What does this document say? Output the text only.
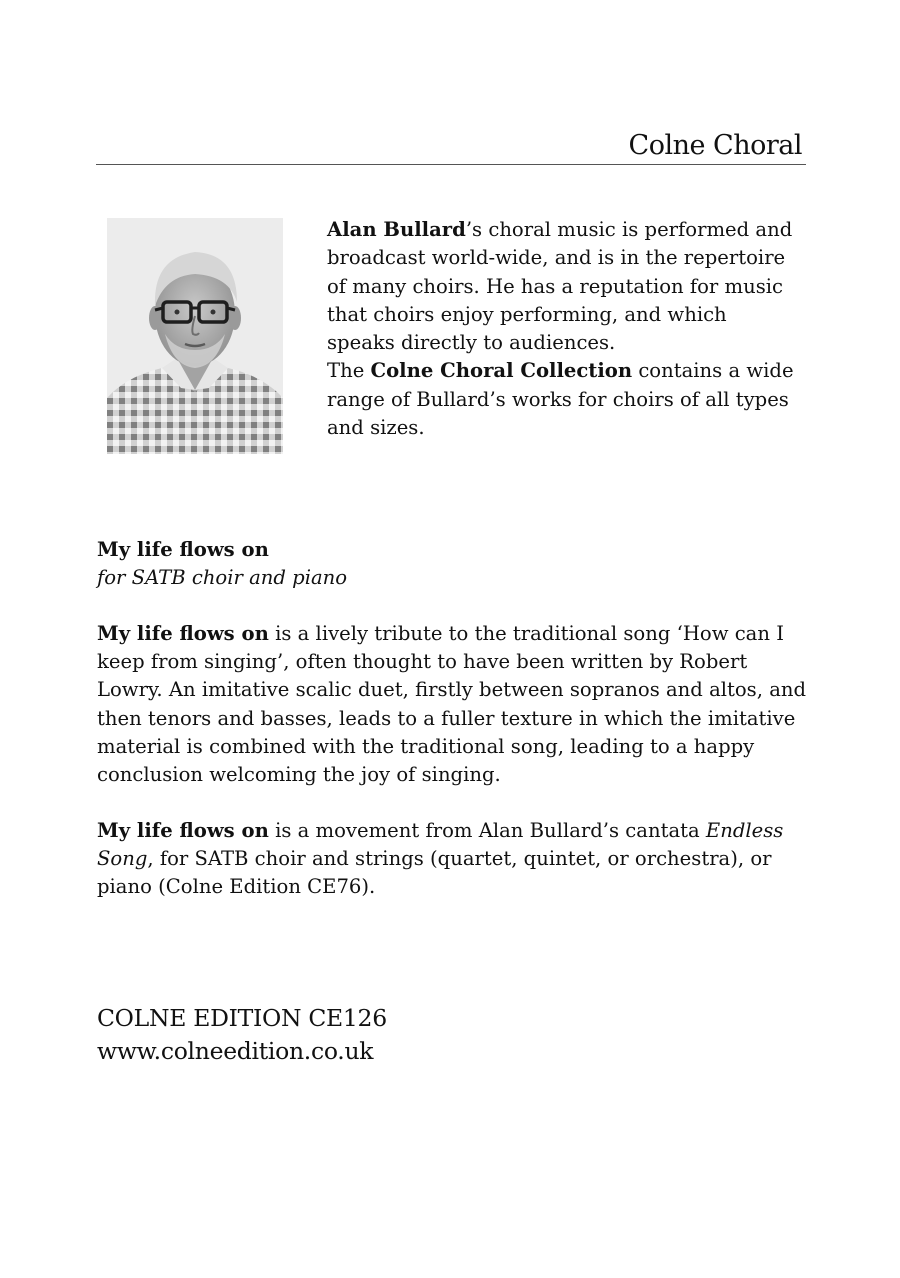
Colne Choral
Alan Bullard’s choral music is performed and broadcast world-wide, and is in the repertoire of many choirs. He has a reputation for music that choirs enjoy performing, and which speaks directly to audiences.
The Colne Choral Collection contains a wide range of Bullard’s works for choirs of all types and sizes.
My life flows on
for SATB choir and piano
My life flows on is a lively tribute to the traditional song ‘How can I keep from singing’, often thought to have been written by Robert Lowry. An imitative scalic duet, firstly between sopranos and altos, and then tenors and basses, leads to a fuller texture in which the imitative material is combined with the traditional song, leading to a happy conclusion welcoming the joy of singing.
My life flows on is a movement from Alan Bullard’s cantata Endless Song, for SATB choir and strings (quartet, quintet, or orchestra), or piano (Colne Edition CE76).
COLNE EDITION CE126
www.colneedition.co.uk
